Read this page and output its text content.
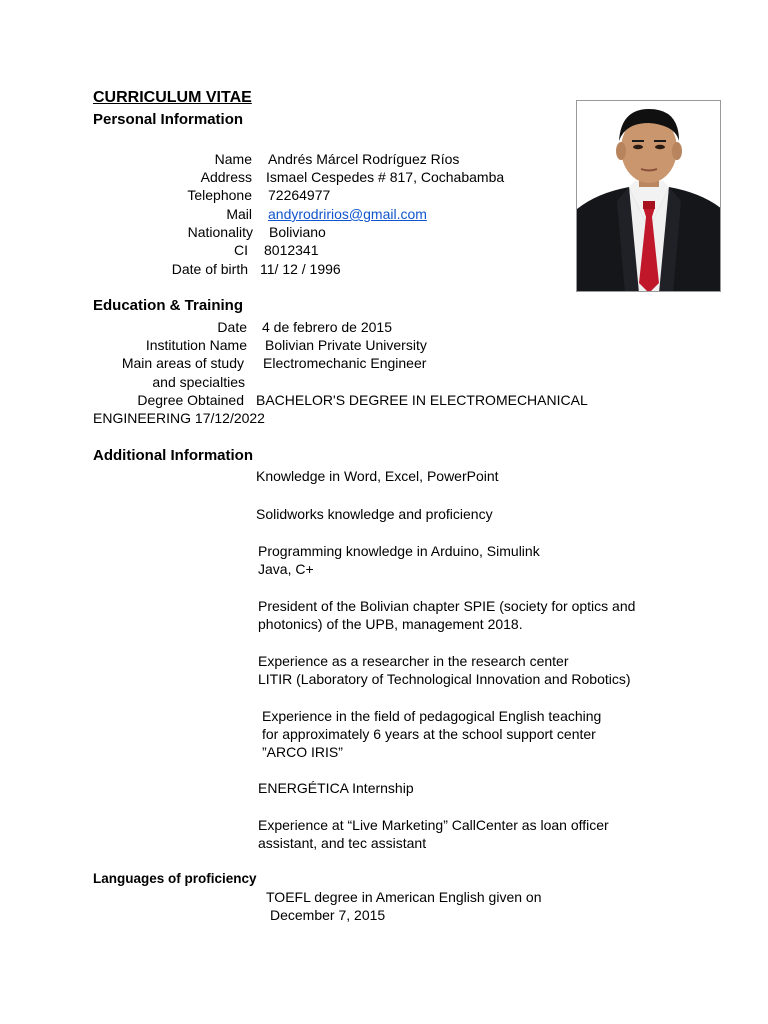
CURRICULUM VITAE
Personal Information
Name
Address
Telephone
Mail
Nationality
CI
Date of birth
Andrés Márcel Rodríguez Ríos
Ismael Cespedes # 817, Cochabamba
72264977
andyrodririos@gmail.com
Boliviano
8012341
11/ 12 / 1996
Education & Training
Date 4 de febrero de 2015
Institution Name Bolivian Private University
Main areas of study
and specialties
Electromechanic Engineer
Degree Obtained BACHELOR'S DEGREE IN ELECTROMECHANICAL
ENGINEERING 17/12/2022
Additional Information
Knowledge in Word, Excel, PowerPoint
Solidworks knowledge and proficiency
Programming knowledge in Arduino, Simulink
Java, C+
President of the Bolivian chapter SPIE (society for optics and
photonics) of the UPB, management 2018.
Experience as a researcher in the research center
LITIR (Laboratory of Technological Innovation and Robotics)
Experience in the field of pedagogical English teaching
for approximately 6 years at the school support center
”ARCO IRIS”
ENERGÉTICA Internship
Experience at “Live Marketing” CallCenter as loan officer
assistant, and tec assistant
Languages of proficiency
TOEFL degree in American English given on
December 7, 2015
